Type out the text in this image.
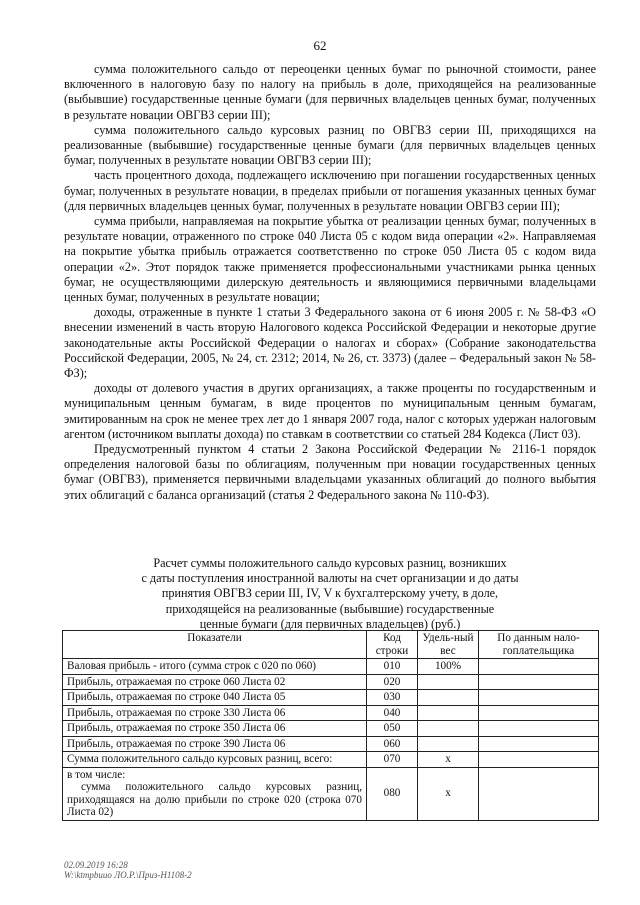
62

сумма положительного сальдо от переоценки ценных бумаг по рыночной стоимости, ранее включенного в налоговую базу по налогу на прибыль в доле, приходящейся на реализованные (выбывшие) государственные ценные бумаги (для первичных владельцев ценных бумаг, полученных в результате новации ОВГВЗ серии III);

сумма положительного сальдо курсовых разниц по ОВГВЗ серии III, приходящихся на реализованные (выбывшие) государственные ценные бумаги (для первичных владельцев ценных бумаг, полученных в результате новации ОВГВЗ серии III);

часть процентного дохода, подлежащего исключению при погашении государственных ценных бумаг, полученных в результате новации, в пределах прибыли от погашения указанных ценных бумаг (для первичных владельцев ценных бумаг, полученных в результате новации ОВГВЗ серии III);

сумма прибыли, направляемая на покрытие убытка от реализации ценных бумаг, полученных в результате новации, отраженного по строке 040 Листа 05 с кодом вида операции «2». Направляемая на покрытие убытка прибыль отражается соответственно по строке 050 Листа 05 с кодом вида операции «2». Этот порядок также применяется профессиональными участниками рынка ценных бумаг, не осуществляющими дилерскую деятельность и являющимися первичными владельцами ценных бумаг, полученных в результате новации;

доходы, отраженные в пункте 1 статьи 3 Федерального закона от 6 июня 2005 г. № 58-ФЗ «О внесении изменений в часть вторую Налогового кодекса Российской Федерации и некоторые другие законодательные акты Российской Федерации о налогах и сборах» (Собрание законодательства Российской Федерации, 2005, № 24, ст. 2312; 2014, № 26, ст. 3373) (далее – Федеральный закон № 58-ФЗ);

доходы от долевого участия в других организациях, а также проценты по государственным и муниципальным ценным бумагам, в виде процентов по муниципальным ценным бумагам, эмитированным на срок не менее трех лет до 1 января 2007 года, налог с которых удержан налоговым агентом (источником выплаты дохода) по ставкам в соответствии со статьей 284 Кодекса (Лист 03).

Предусмотренный пунктом 4 статьи 2 Закона Российской Федерации № 2116-1 порядок определения налоговой базы по облигациям, полученным при новации государственных ценных бумаг (ОВГВЗ), применяется первичными владельцами указанных облигаций до полного выбытия этих облигаций с баланса организаций (статья 2 Федерального закона № 110-ФЗ).

Расчет суммы положительного сальдо курсовых разниц, возникших
с даты поступления иностранной валюты на счет организации и до даты
принятия ОВГВЗ серии III, IV, V к бухгалтерскому учету, в доле,
приходящейся на реализованные (выбывшие) государственные
ценные бумаги (для первичных владельцев) (руб.)
Показатели	Код строки	Удель-ный вес	По данным нало-гоплательщика
Валовая прибыль - итого (сумма строк с 020 по 060)	010	100%	
Прибыль, отражаемая по строке 060 Листа 02	020		
Прибыль, отражаемая по строке 040 Листа 05	030		
Прибыль, отражаемая по строке 330 Листа 06	040		
Прибыль, отражаемая по строке 350 Листа 06	050		
Прибыль, отражаемая по строке 390 Листа 06	060		
Сумма положительного сальдо курсовых разниц, всего:	070	х	

в том числе:
сумма положительного сальдо курсовых разниц, приходящаяся на долю прибыли по строке 020 (строка 070 Листа 02)	080	х	
02.09.2019 16:28
W:\ktmpbuuo ЛО.Р.\Приз-Н1108-2
